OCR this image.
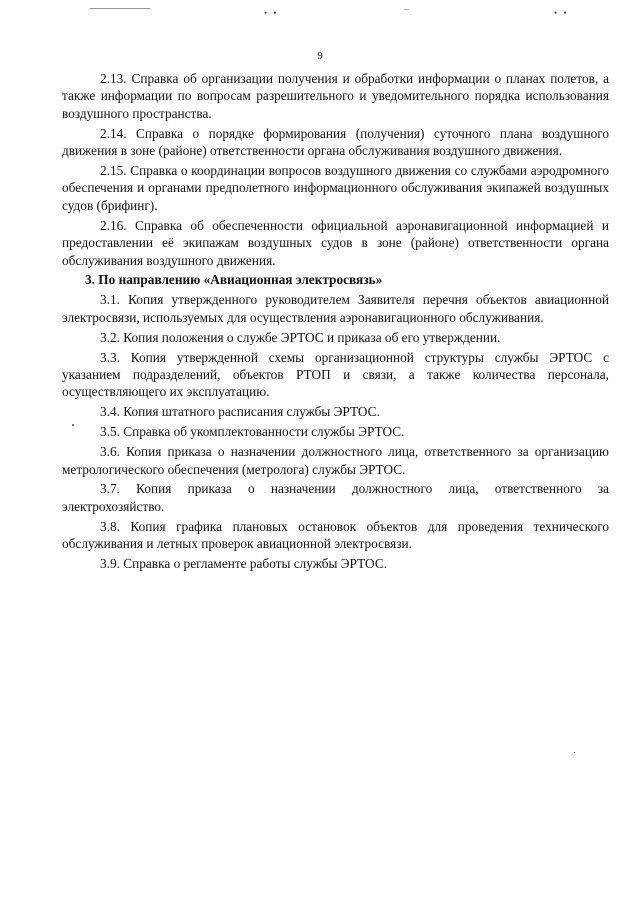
• •	–	• •
9

2.13. Справка об организации получения и обработки информации о планах полетов, а также информации по вопросам разрешительного и уведомительного порядка использования воздушного пространства.

2.14. Справка о порядке формирования (получения) суточного плана воздушного движения в зоне (районе) ответственности органа обслуживания воздушного движения.

2.15. Справка о координации вопросов воздушного движения со службами аэродромного обеспечения и органами предполетного информационного обслуживания экипажей воздушных судов (брифинг).

2.16. Справка об обеспеченности официальной аэронавигационной информацией и предоставлении её экипажам воздушных судов в зоне (районе) ответственности органа обслуживания воздушного движения.

3. По направлению «Авиационная электросвязь»

3.1. Копия утвержденного руководителем Заявителя перечня объектов авиационной электросвязи, используемых для осуществления аэронавигационного обслуживания.

3.2. Копия положения о службе ЭРТОС и приказа об его утверждении.

3.3. Копия утвержденной схемы организационной структуры службы ЭРТОС с указанием подразделений, объектов РТОП и связи, а также количества персонала, осуществляющего их эксплуатацию.

3.4. Копия штатного расписания службы ЭРТОС.

3.5. Справка об укомплектованности службы ЭРТОС.

3.6. Копия приказа о назначении должностного лица, ответственного за организацию метрологического обеспечения (метролога) службы ЭРТОС.

3.7. Копия приказа о назначении должностного лица, ответственного за электрохозяйство.

3.8. Копия графика плановых остановок объектов для проведения технического обслуживания и летных проверок авиационной электросвязи.

3.9. Справка о регламенте работы службы ЭРТОС.
